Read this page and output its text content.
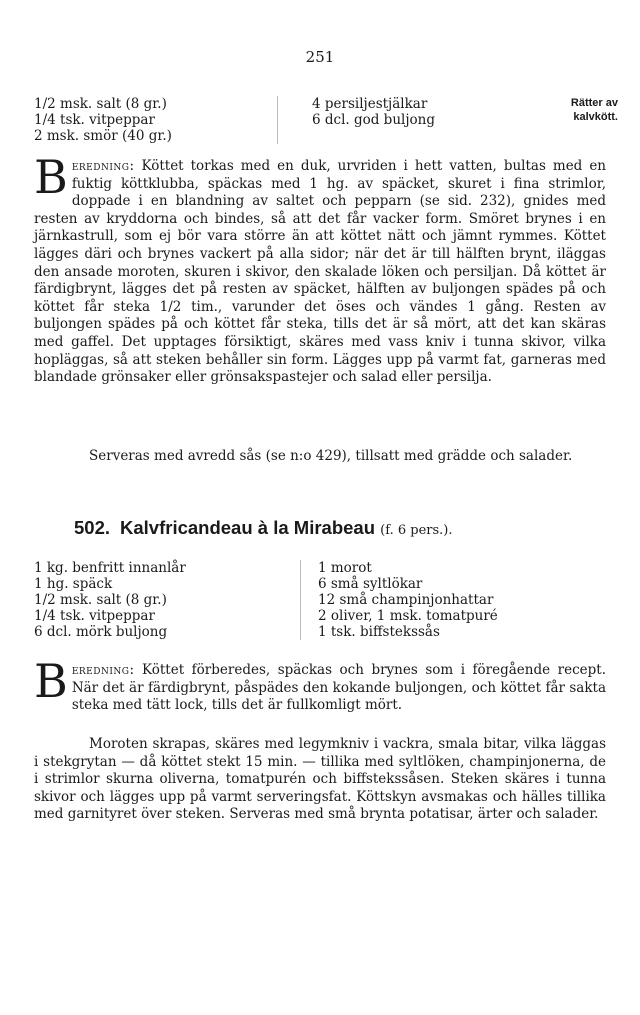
251
1/2 msk. salt (8 gr.)
1/4 tsk. vitpeppar
2 msk. smör (40 gr.)
4 persiljestjälkar
6 dcl. god buljong
Rätter av
kalvkött.

Beredning: Köttet torkas med en duk, urvriden i hett vatten, bultas med en fuktig köttklubba, späckas med 1 hg. av späcket, skuret i fina strimlor, doppade i en blandning av saltet och pepparn (se sid. 232), gnides med resten av kryddorna och bindes, så att det får vacker form. Smöret brynes i en järnkastrull, som ej bör vara större än att köttet nätt och jämnt rymmes. Köttet lägges däri och brynes vackert på alla sidor; när det är till hälften brynt, iläggas den ansade moroten, skuren i skivor, den skalade löken och persiljan. Då köttet är färdigbrynt, lägges det på resten av späcket, hälften av buljongen spädes på och köttet får steka 1/2 tim., varunder det öses och vändes 1 gång. Resten av buljongen spädes på och köttet får steka, tills det är så mört, att det kan skäras med gaffel. Det upptages försiktigt, skäres med vass kniv i tunna skivor, vilka hopläggas, så att steken behåller sin form. Lägges upp på varmt fat, garneras med blandade grönsaker eller grönsakspastejer och salad eller persilja.

Serveras med avredd sås (se n:o 429), tillsatt med grädde och salader.

502. Kalvfricandeau à la Mirabeau (f. 6 pers.).
1 kg. benfritt innanlår
1 hg. späck
1/2 msk. salt (8 gr.)
1/4 tsk. vitpeppar
6 dcl. mörk buljong
1 morot
6 små syltlökar
12 små champinjonhattar
2 oliver, 1 msk. tomatpuré
1 tsk. biffstekssås

Beredning: Köttet förberedes, späckas och brynes som i föregående recept. När det är färdigbrynt, påspädes den kokande buljongen, och köttet får sakta steka med tätt lock, tills det är fullkomligt mört.

Moroten skrapas, skäres med legymkniv i vackra, smala bitar, vilka läggas i stekgrytan — då köttet stekt 15 min. — tillika med syltlöken, champinjonerna, de i strimlor skurna oliverna, tomatpurén och biffstekssåsen. Steken skäres i tunna skivor och lägges upp på varmt serveringsfat. Köttskyn avsmakas och hälles tillika med garnityret över steken. Serveras med små brynta potatisar, ärter och salader.
